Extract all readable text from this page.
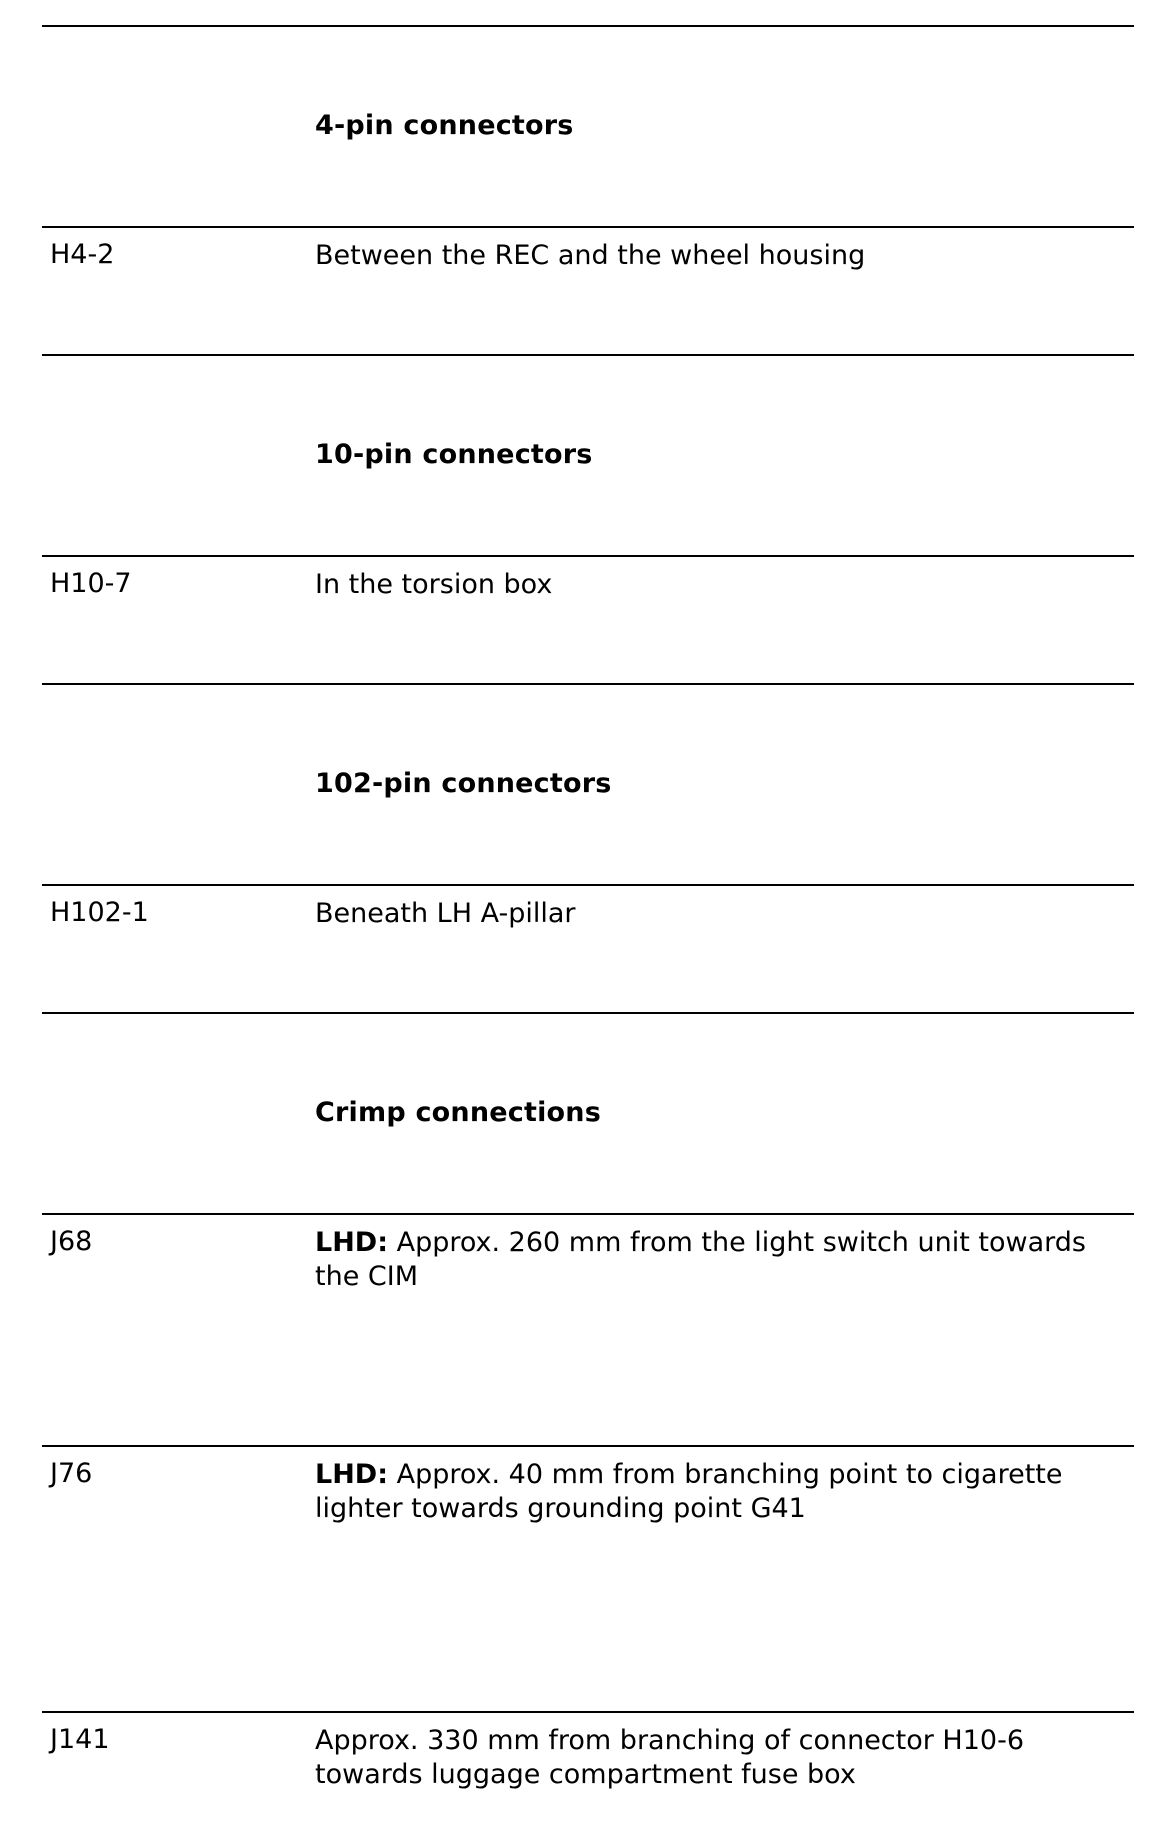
4-pin connectors
H4-2	Between the REC and the wheel housing
10-pin connectors
H10-7	In the torsion box
102-pin connectors
H102-1	Beneath LH A-pillar
Crimp connections
J68	LHD: Approx. 260 mm from the light switch unit towards the CIM
J76	LHD: Approx. 40 mm from branching point to cigarette lighter towards grounding point G41
J141	Approx. 330 mm from branching of connector H10-6 towards luggage compartment fuse box
